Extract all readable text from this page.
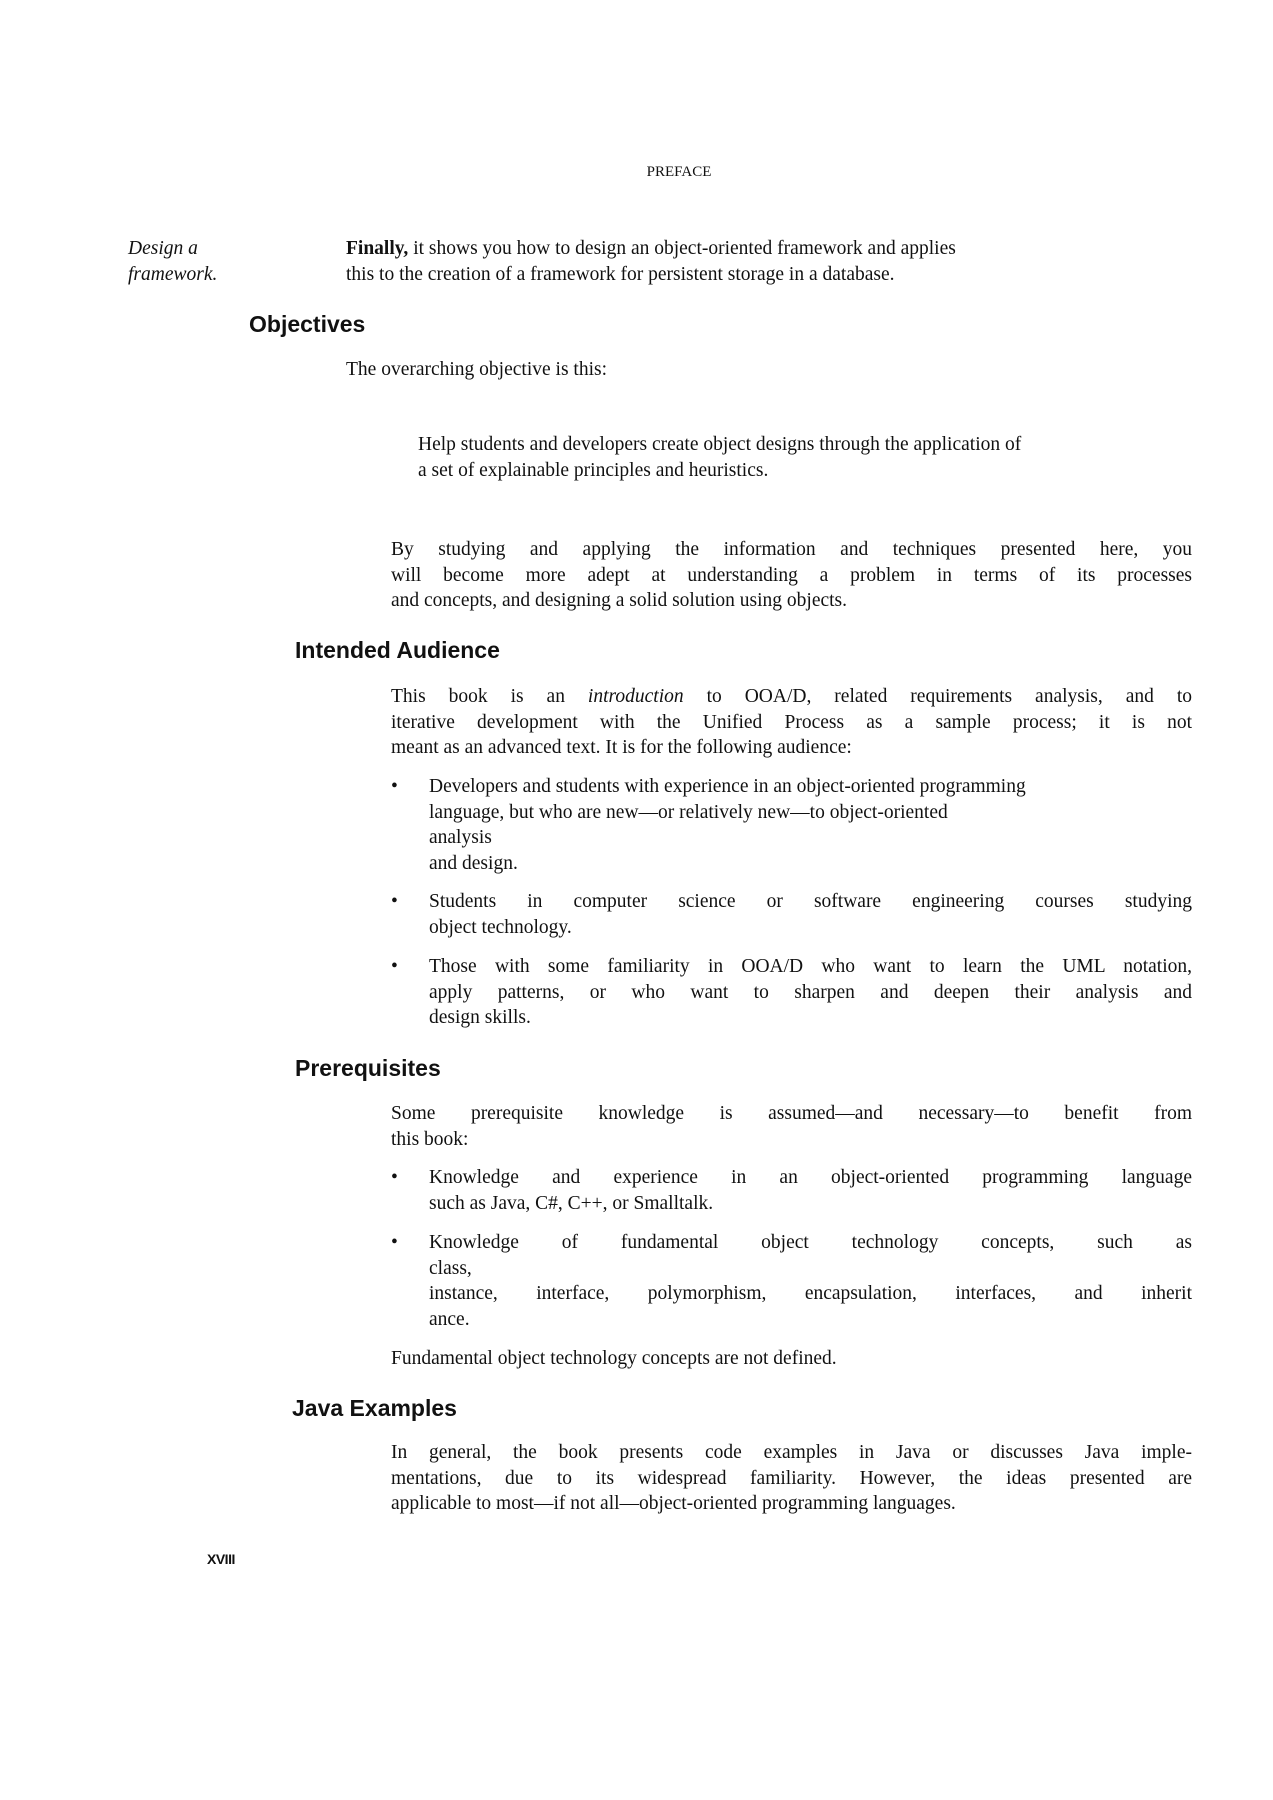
PREFACE
Design a
framework.
Finally, it shows you how to design an object-oriented framework and applies
this to the creation of a framework for persistent storage in a database.
Objectives
The overarching objective is this:
Help students and developers create object designs through the application of
a set of explainable principles and heuristics.
By studying and applying the information and techniques presented here, you
will become more adept at understanding a problem in terms of its processes
and concepts, and designing a solid solution using objects.
Intended Audience
This book is an introduction to OOA/D, related requirements analysis, and to
iterative development with the Unified Process as a sample process; it is not
meant as an advanced text. It is for the following audience:
• Developers and students with experience in an object-oriented programming
language, but who are new—or relatively new—to object-oriented
analysis
and design.
• Students in computer science or software engineering courses studying
object technology.
• Those with some familiarity in OOA/D who want to learn the UML notation,
apply patterns, or who want to sharpen and deepen their analysis and
design skills.
Prerequisites
Some prerequisite knowledge is assumed—and necessary—to benefit from
this book:
• Knowledge and experience in an object-oriented programming language
such as Java, C#, C++, or Smalltalk.
• Knowledge of fundamental object technology concepts, such as
class,
instance, interface, polymorphism, encapsulation, interfaces, and inherit
ance.
Fundamental object technology concepts are not defined.
Java Examples
In general, the book presents code examples in Java or discusses Java imple-
mentations, due to its widespread familiarity. However, the ideas presented are
applicable to most—if not all—object-oriented programming languages.
XVIII
